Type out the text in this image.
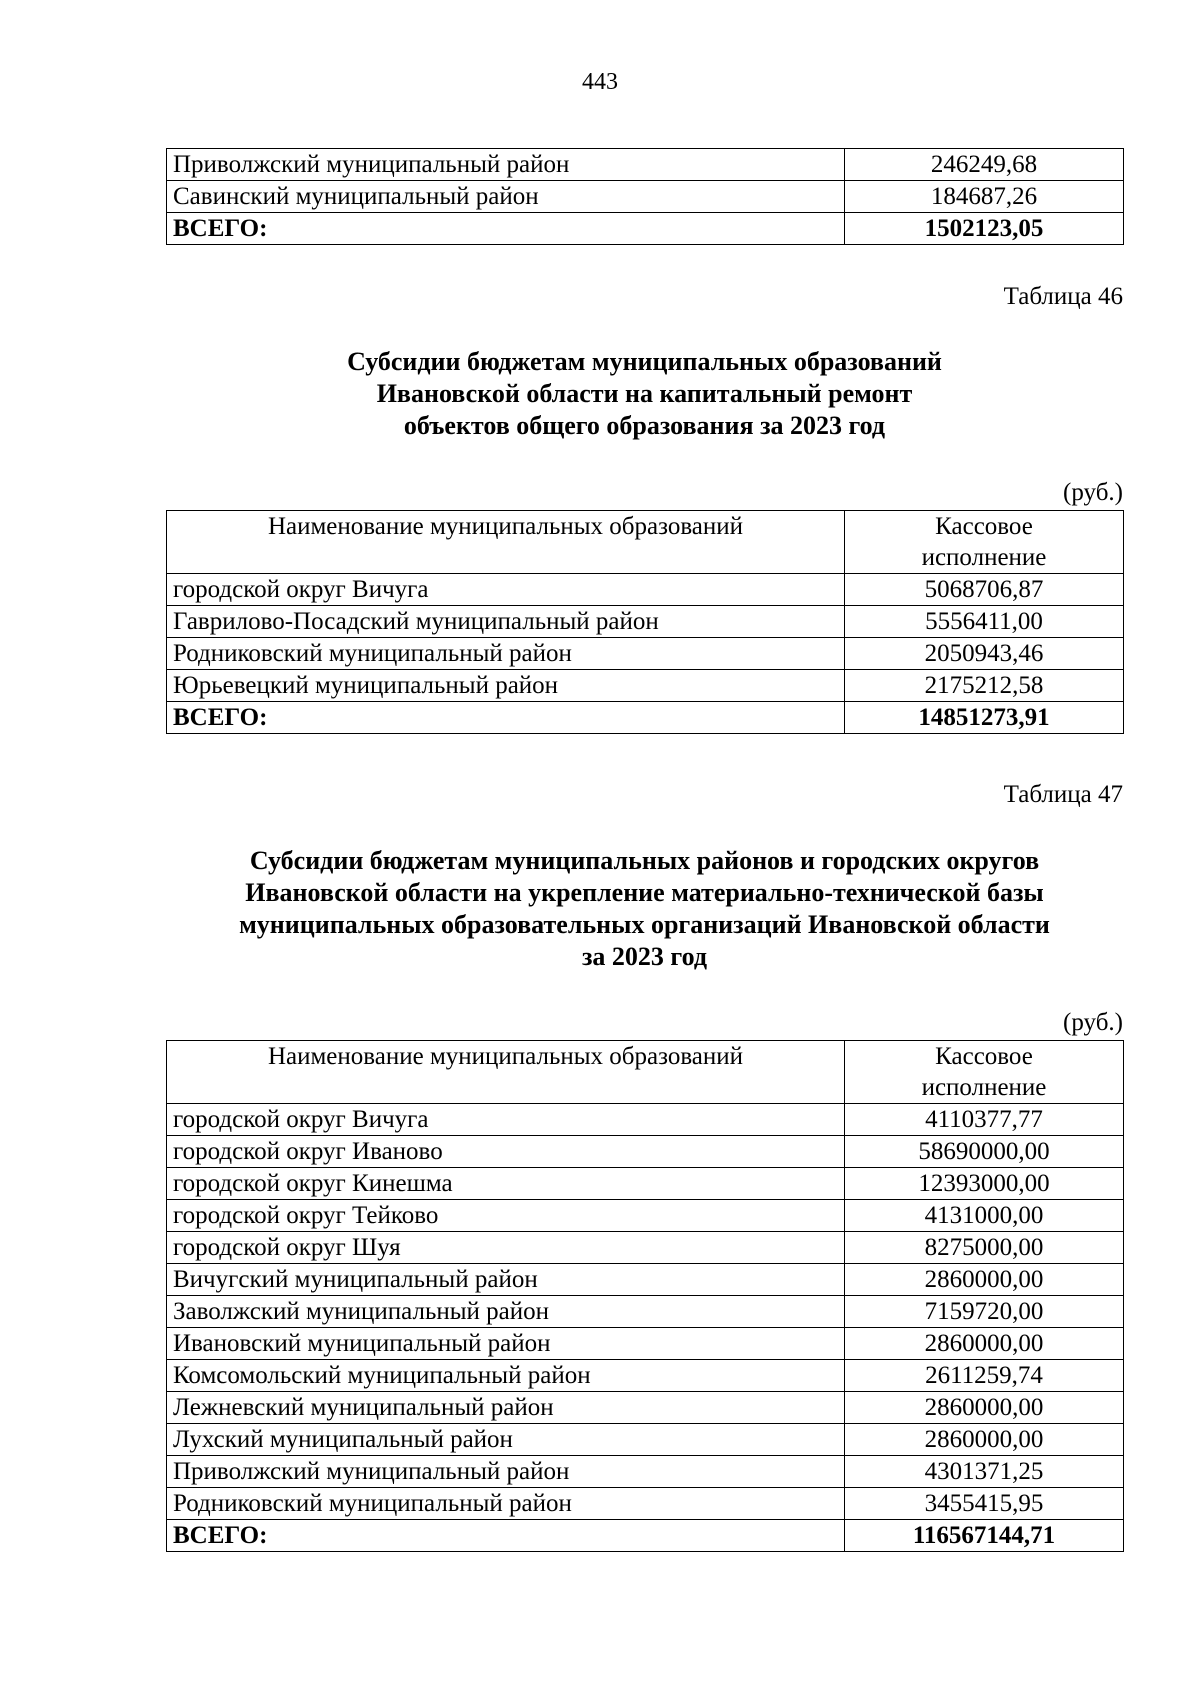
443
Приволжский муниципальный район	246249,68
Савинский муниципальный район	184687,26
ВСЕГО:	1502123,05
Таблица 46
Субсидии бюджетам муниципальных образований
Ивановской области на капитальный ремонт
объектов общего образования за 2023 год
(руб.)
Наименование муниципальных образований	Кассовое
исполнение

городской округ Вичуга	5068706,87
Гаврилово-Посадский муниципальный район	5556411,00
Родниковский муниципальный район	2050943,46
Юрьевецкий муниципальный район	2175212,58
ВСЕГО:	14851273,91
Таблица 47
Субсидии бюджетам муниципальных районов и городских округов
Ивановской области на укрепление материально-технической базы
муниципальных образовательных организаций Ивановской области
за 2023 год
(руб.)
Наименование муниципальных образований	Кассовое
исполнение

городской округ Вичуга	4110377,77
городской округ Иваново	58690000,00
городской округ Кинешма	12393000,00
городской округ Тейково	4131000,00
городской округ Шуя	8275000,00
Вичугский муниципальный район	2860000,00
Заволжский муниципальный район	7159720,00
Ивановский муниципальный район	2860000,00
Комсомольский муниципальный район	2611259,74
Лежневский муниципальный район	2860000,00
Лухский муниципальный район	2860000,00
Приволжский муниципальный район	4301371,25
Родниковский муниципальный район	3455415,95
ВСЕГО:	116567144,71
